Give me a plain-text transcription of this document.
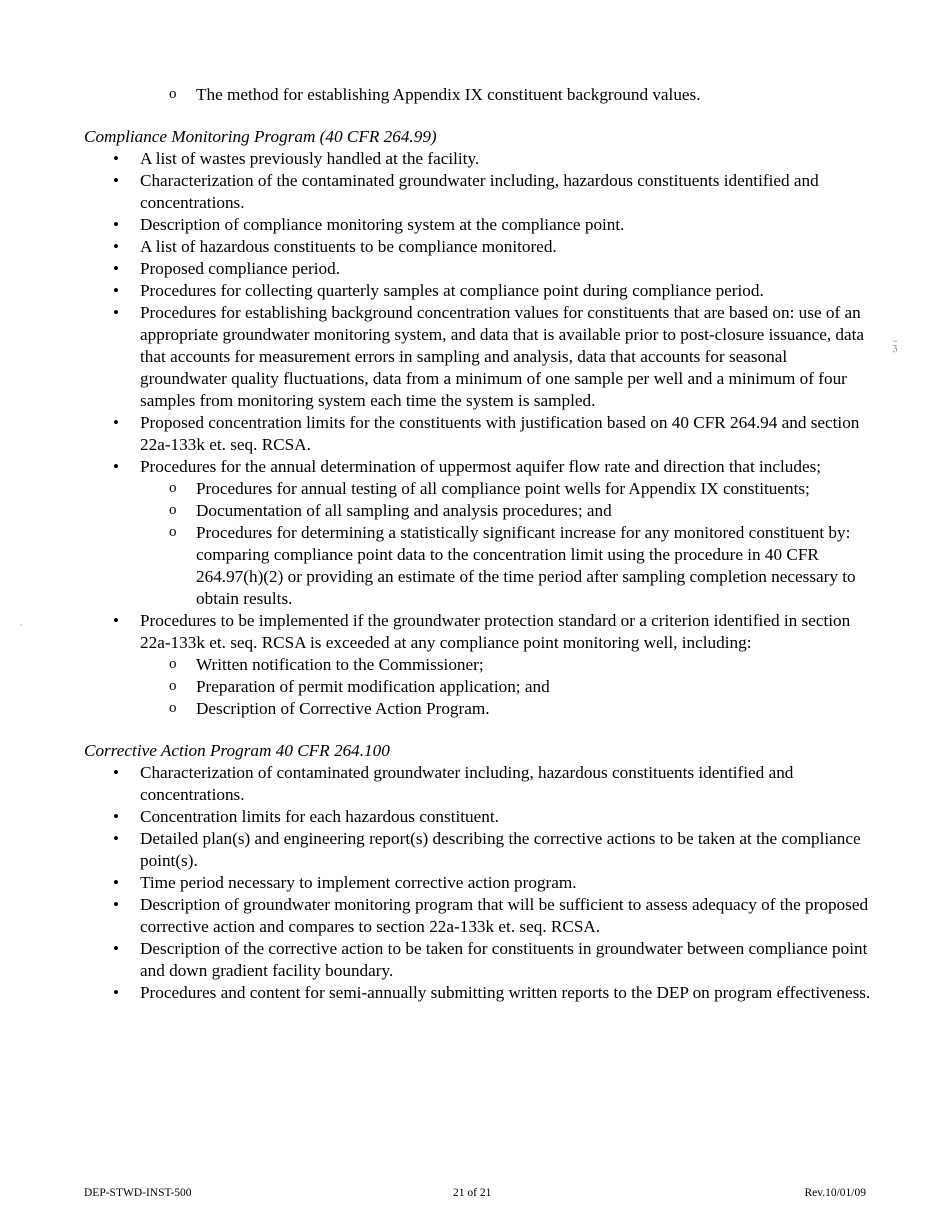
o The method for establishing Appendix IX constituent background values.

Compliance Monitoring Program (40 CFR 264.99)

• A list of wastes previously handled at the facility.
• Characterization of the contaminated groundwater including, hazardous constituents identified and concentrations.
• Description of compliance monitoring system at the compliance point.
• A list of hazardous constituents to be compliance monitored.
• Proposed compliance period.
• Procedures for collecting quarterly samples at compliance point during compliance period.
• Procedures for establishing background concentration values for constituents that are based on: use of an appropriate groundwater monitoring system, and data that is available prior to post-closure issuance, data that accounts for measurement errors in sampling and analysis, data that accounts for seasonal groundwater quality fluctuations, data from a minimum of one sample per well and a minimum of four samples from monitoring system each time the system is sampled.
• Proposed concentration limits for the constituents with justification based on 40 CFR 264.94 and section 22a-133k et. seq. RCSA.
• Procedures for the annual determination of uppermost aquifer flow rate and direction that includes;
o Procedures for annual testing of all compliance point wells for Appendix IX constituents;
o Documentation of all sampling and analysis procedures; and
o Procedures for determining a statistically significant increase for any monitored constituent by: comparing compliance point data to the concentration limit using the procedure in 40 CFR 264.97(h)(2) or providing an estimate of the time period after sampling completion necessary to obtain results.
• Procedures to be implemented if the groundwater protection standard or a criterion identified in section 22a-133k et. seq. RCSA is exceeded at any compliance point monitoring well, including:
o Written notification to the Commissioner;
o Preparation of permit modification application; and
o Description of Corrective Action Program.

Corrective Action Program 40 CFR 264.100

• Characterization of contaminated groundwater including, hazardous constituents identified and concentrations.
• Concentration limits for each hazardous constituent.
• Detailed plan(s) and engineering report(s) describing the corrective actions to be taken at the compliance point(s).
• Time period necessary to implement corrective action program.
• Description of groundwater monitoring program that will be sufficient to assess adequacy of the proposed corrective action and compares to section 22a-133k et. seq. RCSA.
• Description of the corrective action to be taken for constituents in groundwater between compliance point and down gradient facility boundary.
• Procedures and content for semi-annually submitting written reports to the DEP on program effectiveness.
~ ℨ
◦
DEP-STWD-INST-500	21 of 21	Rev.10/01/09
